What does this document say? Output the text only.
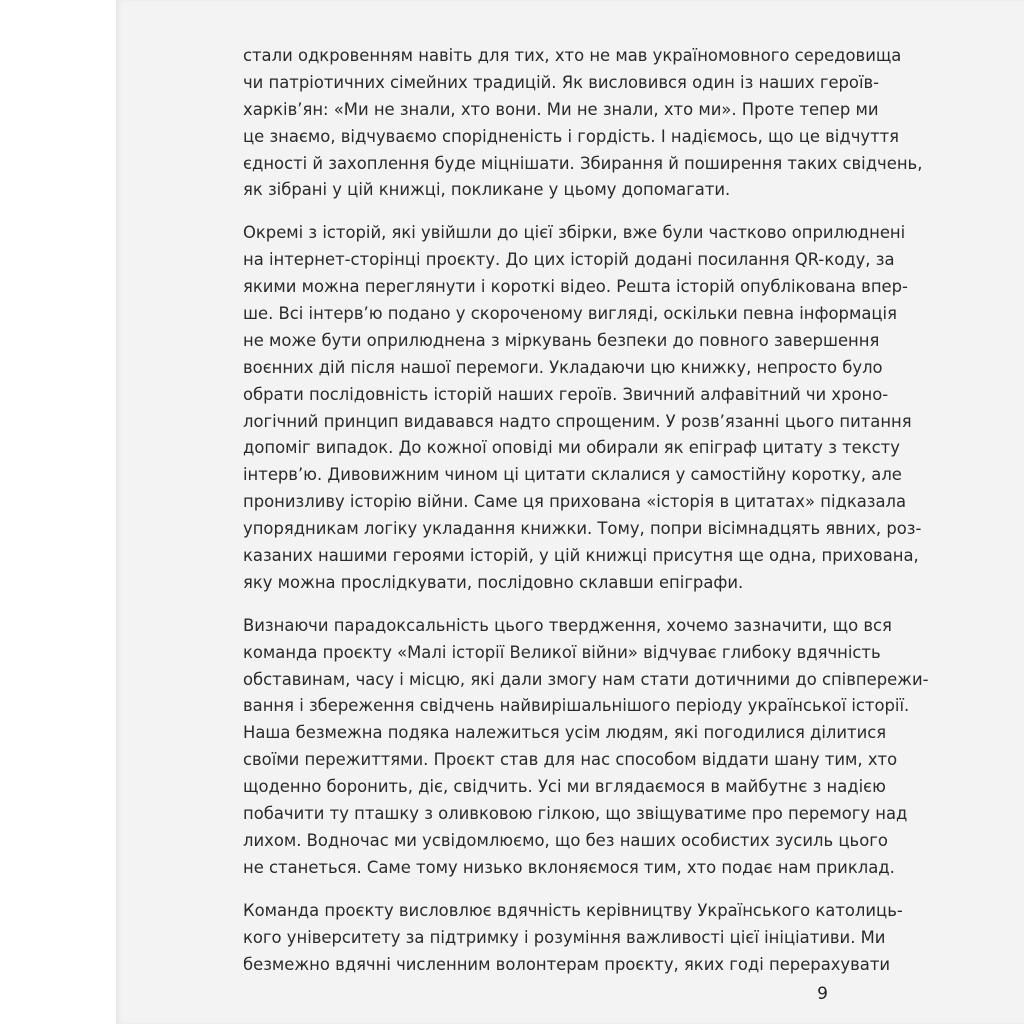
стали одкровенням навіть для тих, хто не мав україномовного середовища
чи патріотичних сімейних традицій. Як висловився один із наших героїв-
харків’ян: «Ми не знали, хто вони. Ми не знали, хто ми». Проте тепер ми
це знаємо, відчуваємо спорідненість і гордість. І надіємось, що це відчуття
єдності й захоплення буде міцнішати. Збирання й поширення таких свідчень,
як зібрані у цій книжці, покликане у цьому допомагати.

Окремі з історій, які увійшли до цієї збірки, вже були частково оприлюднені
на інтернет-сторінці проєкту. До цих історій додані посилання QR-коду, за
якими можна переглянути і короткі відео. Решта історій опублікована впер-
ше. Всі інтерв’ю подано у скороченому вигляді, оскільки певна інформація
не може бути оприлюднена з міркувань безпеки до повного завершення
воєнних дій після нашої перемоги. Укладаючи цю книжку, непросто було
обрати послідовність історій наших героїв. Звичний алфавітний чи хроно-
логічний принцип видавався надто спрощеним. У розв’язанні цього питання
допоміг випадок. До кожної оповіді ми обирали як епіграф цитату з тексту
інтерв’ю. Дивовижним чином ці цитати склалися у самостійну коротку, але
пронизливу історію війни. Саме ця прихована «історія в цитатах» підказала
упорядникам логіку укладання книжки. Тому, попри вісімнадцять явних, роз-
казаних нашими героями історій, у цій книжці присутня ще одна, прихована,
яку можна прослідкувати, послідовно склавши епіграфи.

Визнаючи парадоксальність цього твердження, хочемо зазначити, що вся
команда проєкту «Малі історії Великої війни» відчуває глибоку вдячність
обставинам, часу і місцю, які дали змогу нам стати дотичними до співпережи-
вання і збереження свідчень найвирішальнішого періоду української історії.
Наша безмежна подяка належиться усім людям, які погодилися ділитися
своїми пережиттями. Проєкт став для нас способом віддати шану тим, хто
щоденно боронить, діє, свідчить. Усі ми вглядаємося в майбутнє з надією
побачити ту пташку з оливковою гілкою, що звіщуватиме про перемогу над
лихом. Водночас ми усвідомлюємо, що без наших особистих зусиль цього
не станеться. Саме тому низько вклоняємося тим, хто подає нам приклад.

Команда проєкту висловлює вдячність керівництву Українського католиць-
кого університету за підтримку і розуміння важливості цієї ініціативи. Ми
безмежно вдячні численним волонтерам проєкту, яких годі перерахувати

9
